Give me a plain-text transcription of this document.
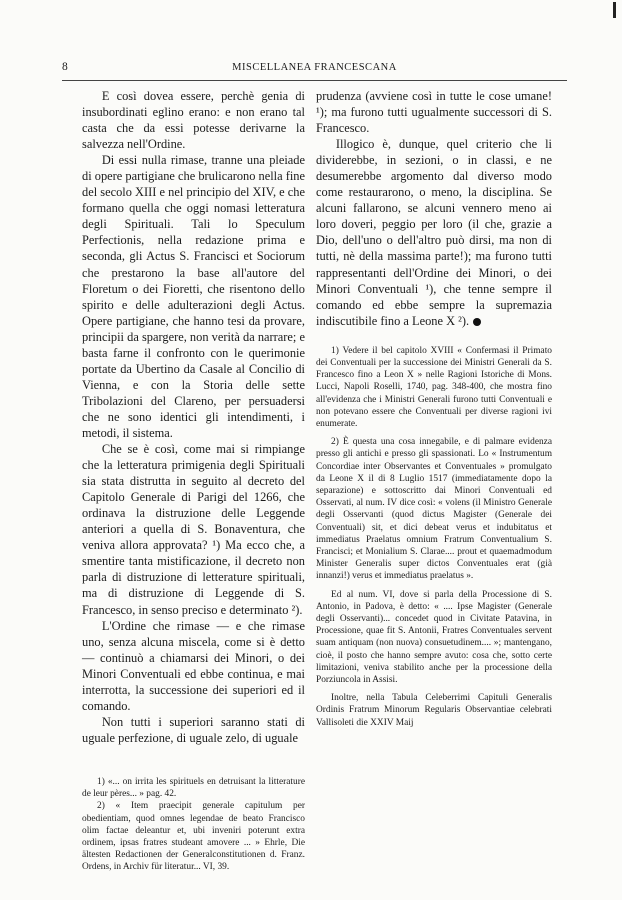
8	MISCELLANEA FRANCESCANA

E così dovea essere, perchè genia di insubordinati eglino erano: e non erano tal casta che da essi potesse derivarne la salvezza nell'Ordine.

Di essi nulla rimase, tranne una pleiade di opere partigiane che brulicarono nella fine del secolo XIII e nel principio del XIV, e che formano quella che oggi nomasi letteratura degli Spirituali. Tali lo Speculum Perfectionis, nella redazione prima e seconda, gli Actus S. Francisci et Sociorum che prestarono la base all'autore del Floretum o dei Fioretti, che risentono dello spirito e delle adulterazioni degli Actus. Opere partigiane, che hanno tesi da provare, principii da spargere, non verità da narrare; e basta farne il confronto con le querimonie portate da Ubertino da Casale al Concilio di Vienna, e con la Storia delle sette Tribolazioni del Clareno, per persuadersi che ne sono identici gli intendimenti, i metodi, il sistema.

Che se è così, come mai si rimpiange che la letteratura primigenia degli Spirituali sia stata distrutta in seguito al decreto del Capitolo Generale di Parigi del 1266, che ordinava la distruzione delle Leggende anteriori a quella di S. Bonaventura, che veniva allora approvata? ¹) Ma ecco che, a smentire tanta mistificazione, il decreto non parla di distruzione di letterature spirituali, ma di distruzione di Leggende di S. Francesco, in senso preciso e determinato ²).

L'Ordine che rimase — e che rimase uno, senza alcuna miscela, come si è detto — continuò a chiamarsi dei Minori, o dei Minori Conventuali ed ebbe continua, e mai interrotta, la successione dei superiori ed il comando.

Non tutti i superiori saranno stati di uguale perfezione, di uguale zelo, di uguale

1) «... on irrita les spirituels en detruisant la litterature de leur pères... » pag. 42.

2) « Item praecipit generale capitulum per obedientiam, quod omnes legendae de beato Francisco olim factae deleantur et, ubi inveniri poterunt extra ordinem, ipsas fratres studeant amovere ... » Ehrle, Die ältesten Redactionen der Generalconstitutionen d. Franz. Ordens, in Archiv für literatur... VI, 39.

prudenza (avviene così in tutte le cose umane! ¹); ma furono tutti ugualmente successori di S. Francesco.

Illogico è, dunque, quel criterio che li dividerebbe, in sezioni, o in classi, e ne desumerebbe argomento dal diverso modo come restaurarono, o meno, la disciplina. Se alcuni fallarono, se alcuni vennero meno ai loro doveri, peggio per loro (il che, grazie a Dio, dell'uno o dell'altro può dirsi, ma non di tutti, nè della massima parte!); ma furono tutti rappresentanti dell'Ordine dei Minori, o dei Minori Conventuali ¹), che tenne sempre il comando ed ebbe sempre la supremazia indiscutibile fino a Leone X ²).

1) Vedere il bel capitolo XVIII « Confermasi il Primato dei Conventuali per la successione dei Ministri Generali da S. Francesco fino a Leon X » nelle Ragioni Istoriche di Mons. Lucci, Napoli Roselli, 1740, pag. 348-400, che mostra fino all'evidenza che i Ministri Generali furono tutti Conventuali e non potevano essere che Conventuali per diverse ragioni ivi enumerate.

2) È questa una cosa innegabile, e di palmare evidenza presso gli antichi e presso gli spassionati. Lo « Instrumentum Concordiae inter Observantes et Conventuales » promulgato da Leone X il di 8 Luglio 1517 (immediatamente dopo la separazione) e sottoscritto dai Minori Conventuali ed Osservati, al num. IV dice così: « volens (il Ministro Generale degli Osservanti (quod dictus Magister (Generale dei Conventuali) sit, et dici debeat verus et indubitatus et immediatus Praelatus omnium Fratrum Conventualium S. Francisci; et Monialium S. Clarae.... prout et quaemadmodum Minister Generalis super dictos Conventuales erat (già innanzi!) verus et immediatus praelatus ».

Ed al num. VI, dove si parla della Processione di S. Antonio, in Padova, è detto: « .... Ipse Magister (Generale degli Osservanti)... concedet quod in Civitate Patavina, in Processione, quae fit S. Antonii, Fratres Conventuales servent suam antiquam (non nuova) consuetudinem.... »; mantengano, cioè, il posto che hanno sempre avuto: cosa che, sotto certe limitazioni, veniva stabilito anche per la processione della Porziuncola in Assisi.

Inoltre, nella Tabula Celeberrimi Capituli Generalis Ordinis Fratrum Minorum Regularis Observantiae celebrati Vallisoleti die XXIV Maij
